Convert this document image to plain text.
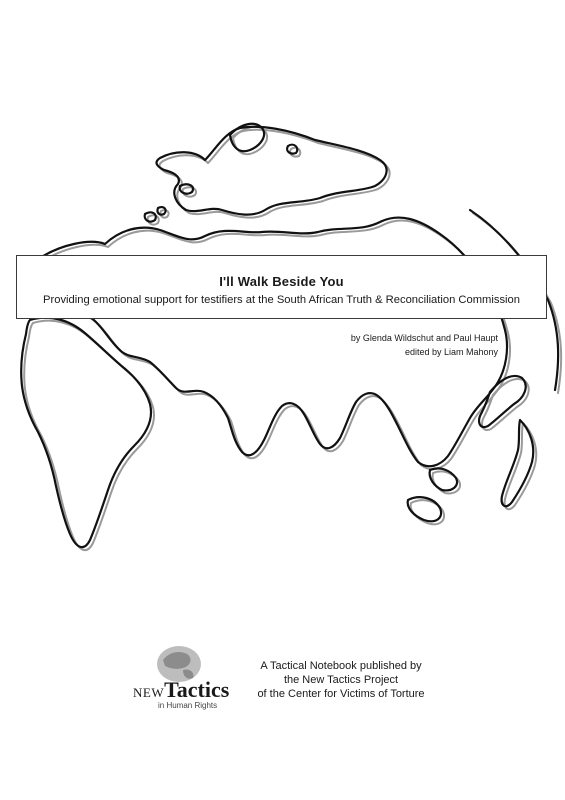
I'll Walk Beside You
Providing emotional support for testifiers at the South African Truth & Reconciliation Commission
by Glenda Wildschut and Paul Haupt
edited by Liam Mahony
NEWTactics
in Human Rights
A Tactical Notebook published by
the New Tactics Project
of the Center for Victims of Torture
